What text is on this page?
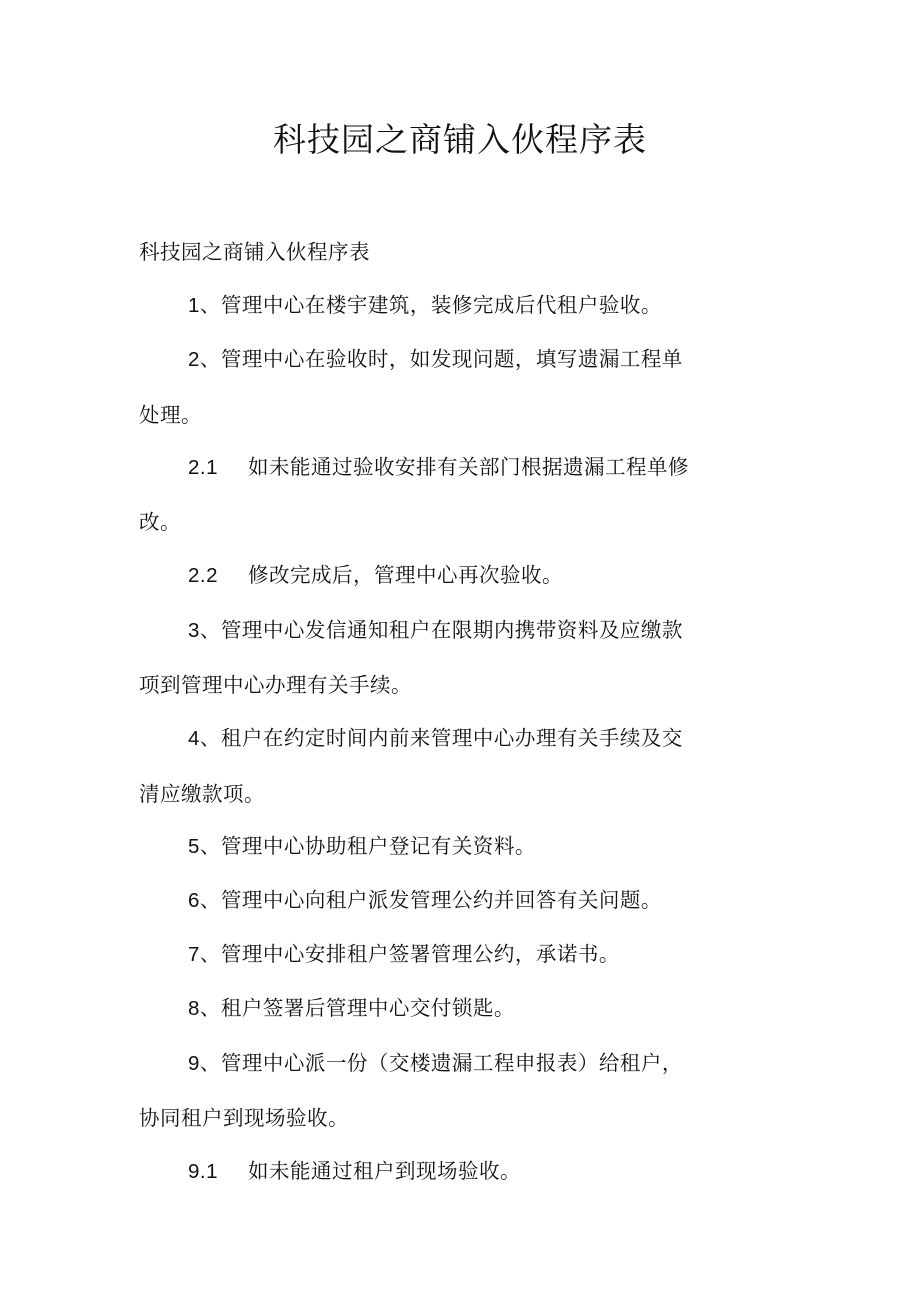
科技园之商铺入伙程序表
科技园之商铺入伙程序表
1、管理中心在楼宇建筑，装修完成后代租户验收。
2、管理中心在验收时，如发现问题，填写遗漏工程单
处理。
2.1 如未能通过验收安排有关部门根据遗漏工程单修
改。
2.2 修改完成后，管理中心再次验收。
3、管理中心发信通知租户在限期内携带资料及应缴款
项到管理中心办理有关手续。
4、租户在约定时间内前来管理中心办理有关手续及交
清应缴款项。
5、管理中心协助租户登记有关资料。
6、管理中心向租户派发管理公约并回答有关问题。
7、管理中心安排租户签署管理公约，承诺书。
8、租户签署后管理中心交付锁匙。
9、管理中心派一份（交楼遗漏工程申报表）给租户，
协同租户到现场验收。
9.1 如未能通过租户到现场验收。
